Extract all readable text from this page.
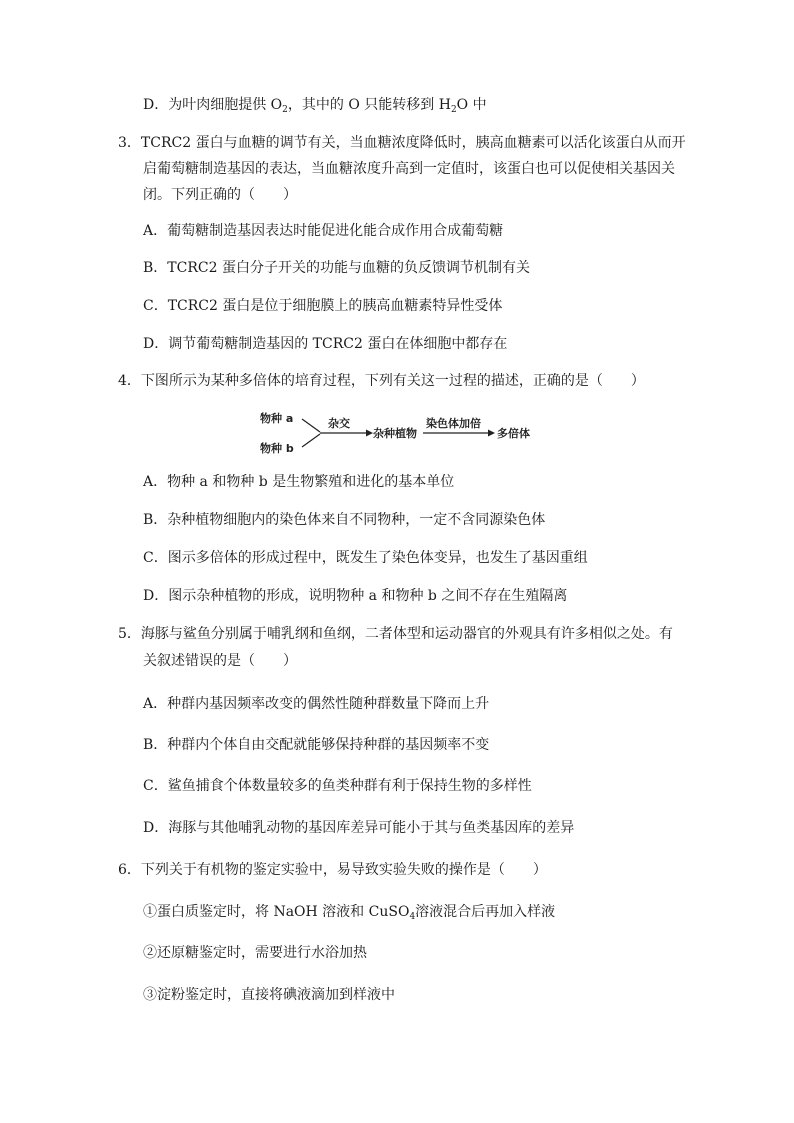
D．为叶肉细胞提供 $O_2$，其中的 O 只能转移到 $H_2O$ 中
3．TCRC2 蛋白与血糖的调节有关，当血糖浓度降低时，胰高血糖素可以活化该蛋白从而开
启葡萄糖制造基因的表达，当血糖浓度升高到一定值时，该蛋白也可以促使相关基因关
闭。下列正确的（　　）
A．葡萄糖制造基因表达时能促进化能合成作用合成葡萄糖
B．TCRC2 蛋白分子开关的功能与血糖的负反馈调节机制有关
C．TCRC2 蛋白是位于细胞膜上的胰高血糖素特异性受体
D．调节葡萄糖制造基因的 TCRC2 蛋白在体细胞中都存在
4．下图所示为某种多倍体的培育过程，下列有关这一过程的描述，正确的是（　　）
物种 a
物种 b
杂交
杂种植物
染色体加倍
多倍体
A．物种 a 和物种 b 是生物繁殖和进化的基本单位
B．杂种植物细胞内的染色体来自不同物种，一定不含同源染色体
C．图示多倍体的形成过程中，既发生了染色体变异，也发生了基因重组
D．图示杂种植物的形成，说明物种 a 和物种 b 之间不存在生殖隔离
5．海豚与鲨鱼分别属于哺乳纲和鱼纲，二者体型和运动器官的外观具有许多相似之处。有
关叙述错误的是（　　）
A．种群内基因频率改变的偶然性随种群数量下降而上升
B．种群内个体自由交配就能够保持种群的基因频率不变
C．鲨鱼捕食个体数量较多的鱼类种群有利于保持生物的多样性
D．海豚与其他哺乳动物的基因库差异可能小于其与鱼类基因库的差异
6．下列关于有机物的鉴定实验中，易导致实验失败的操作是（　　）
①蛋白质鉴定时，将 NaOH 溶液和 CuSO$_4$溶液混合后再加入样液
②还原糖鉴定时，需要进行水浴加热
③淀粉鉴定时，直接将碘液滴加到样液中
